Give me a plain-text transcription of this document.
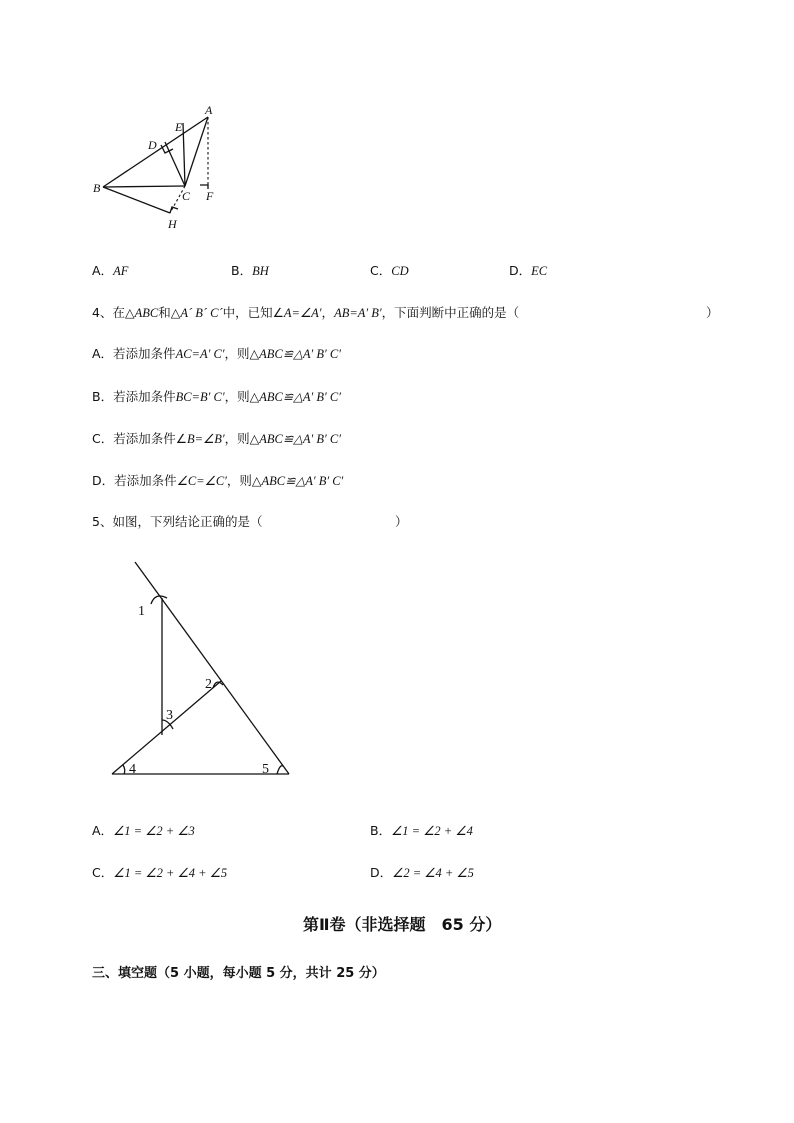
A
E
D
B
C F
H
A．AF	B．BH	C．CD	D．EC
4、在△ABC和△A´ B´ C´中，已知∠A=∠A′，AB=A′ B′，下面判断中正确的是（	）
A．若添加条件AC=A′ C′，则△ABC≌△A′ B′ C′
B．若添加条件BC=B′ C′，则△ABC≌△A′ B′ C′
C．若添加条件∠B=∠B′，则△ABC≌△A′ B′ C′
D．若添加条件∠C=∠C′，则△ABC≌△A′ B′ C′
5、如图，下列结论正确的是（	）
1
2
3
4	5
A．∠1 = ∠2 + ∠3	B．∠1 = ∠2 + ∠4
C．∠1 = ∠2 + ∠4 + ∠5	D．∠2 = ∠4 + ∠5
第Ⅱ卷（非选择题　65 分）
三、填空题（5 小题，每小题 5 分，共计 25 分）
